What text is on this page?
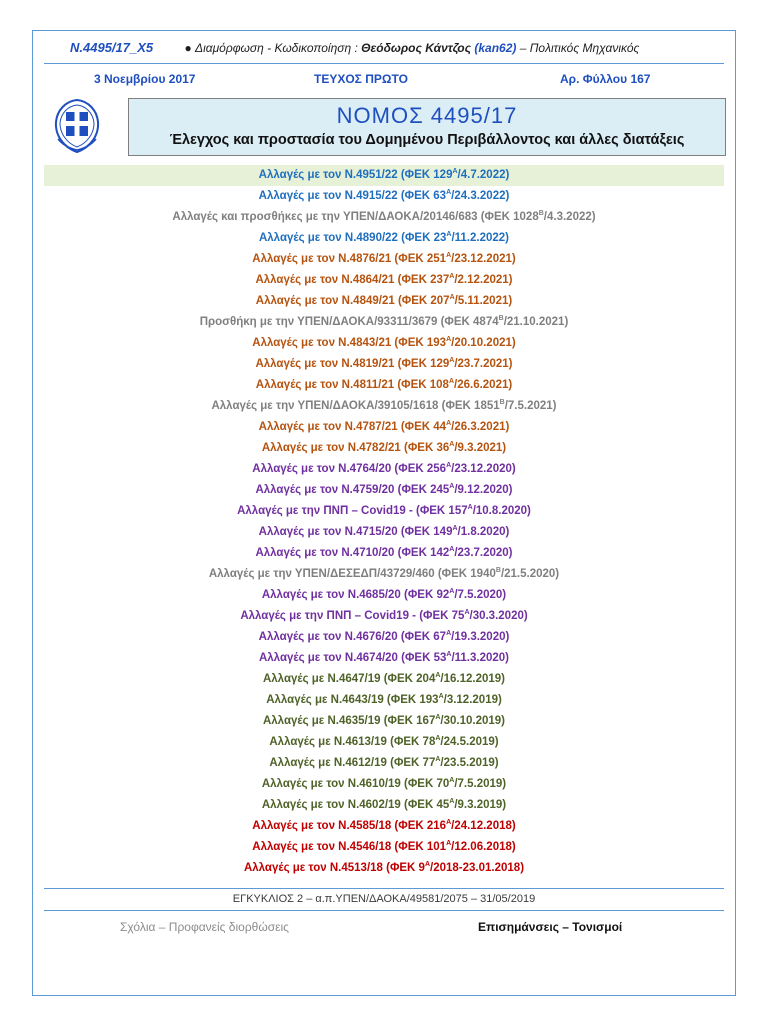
N.4495/17_X5	● Διαμόρφωση - Κωδικοποίηση : Θεόδωρος Κάντζος (kan62) – Πολιτικός Μηχανικός
3 Νοεμβρίου 2017	ΤΕΥΧΟΣ ΠΡΩΤΟ	Αρ. Φύλλου 167
ΝΟΜΟΣ 4495/17
Έλεγχος και προστασία του Δομημένου Περιβάλλοντος και άλλες διατάξεις
Αλλαγές με τον Ν.4951/22 (ΦΕΚ $129^A/4.7.2022$)
Αλλαγές με τον Ν.4915/22 (ΦΕΚ $63^A/24.3.2022$)
Αλλαγές και προσθήκες με την ΥΠΕΝ/ΔΑΟΚΑ/20146/683 (ΦΕΚ $1028^B/4.3.2022$)
Αλλαγές με τον Ν.4890/22 (ΦΕΚ $23^A/11.2.2022$)
Αλλαγές με τον Ν.4876/21 (ΦΕΚ $251^A/23.12.2021$)
Αλλαγές με τον Ν.4864/21 (ΦΕΚ $237^A/2.12.2021$)
Αλλαγές με τον Ν.4849/21 (ΦΕΚ $207^A/5.11.2021$)
Προσθήκη με την ΥΠΕΝ/ΔΑΟΚΑ/93311/3679 (ΦΕΚ $4874^B/21.10.2021$)
Αλλαγές με τον Ν.4843/21 (ΦΕΚ $193^A/20.10.2021$)
Αλλαγές με τον Ν.4819/21 (ΦΕΚ $129^A/23.7.2021$)
Αλλαγές με τον Ν.4811/21 (ΦΕΚ $108^A/26.6.2021$)
Αλλαγές με την ΥΠΕΝ/ΔΑΟΚΑ/39105/1618 (ΦΕΚ $1851^B/7.5.2021$)
Αλλαγές με τον Ν.4787/21 (ΦΕΚ $44^A/26.3.2021$)
Αλλαγές με τον Ν.4782/21 (ΦΕΚ $36^A/9.3.2021$)
Αλλαγές με τον Ν.4764/20 (ΦΕΚ $256^A/23.12.2020$)
Αλλαγές με τον Ν.4759/20 (ΦΕΚ $245^A/9.12.2020$)
Αλλαγές με την ΠΝΠ – Covid19 - (ΦΕΚ $157^A/10.8.2020$)
Αλλαγές με τον Ν.4715/20 (ΦΕΚ $149^A/1.8.2020$)
Αλλαγές με τον Ν.4710/20 (ΦΕΚ $142^A/23.7.2020$)
Αλλαγές με την ΥΠΕΝ/ΔΕΣΕΔΠ/43729/460 (ΦΕΚ $1940^B/21.5.2020$)
Αλλαγές με τον Ν.4685/20 (ΦΕΚ $92^A/7.5.2020$)
Αλλαγές με την ΠΝΠ – Covid19 - (ΦΕΚ $75^A/30.3.2020$)
Αλλαγές με τον Ν.4676/20 (ΦΕΚ $67^A/19.3.2020$)
Αλλαγές με τον Ν.4674/20 (ΦΕΚ $53^A/11.3.2020$)
Αλλαγές με Ν.4647/19 (ΦΕΚ $204^A/16.12.2019$)
Αλλαγές με Ν.4643/19 (ΦΕΚ $193^A/3.12.2019$)
Αλλαγές με Ν.4635/19 (ΦΕΚ $167^A/30.10.2019$)
Αλλαγές με Ν.4613/19 (ΦΕΚ $78^A/24.5.2019$)
Αλλαγές με Ν.4612/19 (ΦΕΚ $77^A/23.5.2019$)
Αλλαγές με τον Ν.4610/19 (ΦΕΚ $70^A/7.5.2019$)
Αλλαγές με τον Ν.4602/19 (ΦΕΚ $45^A/9.3.2019$)
Αλλαγές με τον Ν.4585/18 (ΦΕΚ $216^A/24.12.2018$)
Αλλαγές με τον Ν.4546/18 (ΦΕΚ $101^A/12.06.2018$)
Αλλαγές με τον Ν.4513/18 (ΦΕΚ $9^A/2018-23.01.2018$)
ΕΓΚΥΚΛΙΟΣ 2 – α.π.ΥΠΕΝ/ΔΑΟΚΑ/49581/2075 – 31/05/2019
Σχόλια – Προφανείς διορθώσεις	Επισημάνσεις – Τονισμοί
